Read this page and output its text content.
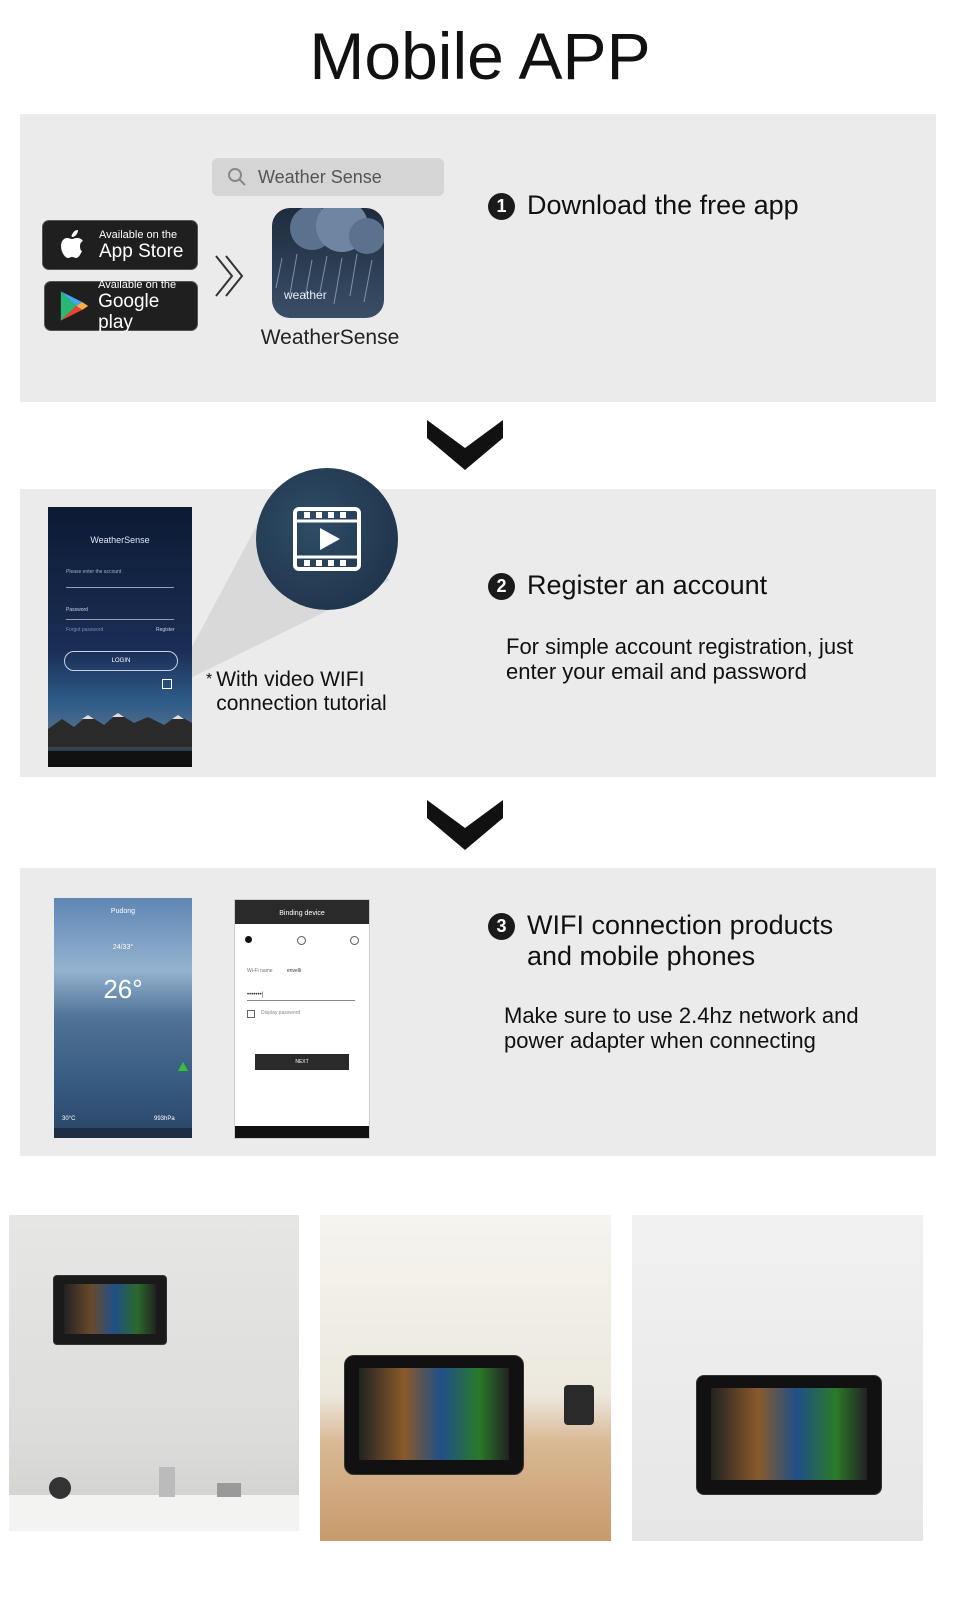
Mobile APP
Available on the
App Store
Available on the
Google play
Weather Sense
weather
WeatherSense
1 Download the free app
WeatherSense
Please enter the account
Password
Forgot password	Register
LOGIN
* With video WIFI connection tutorial
2 Register an account
For simple account registration, just enter your email and password
Pudong
24/33°
26°
30°C	993hPa
Binding device
Wi-Fi name	envelli
•••••••|
Display password
NEXT
3 WIFI connection products and mobile phones
Make sure to use 2.4hz network and power adapter when connecting
